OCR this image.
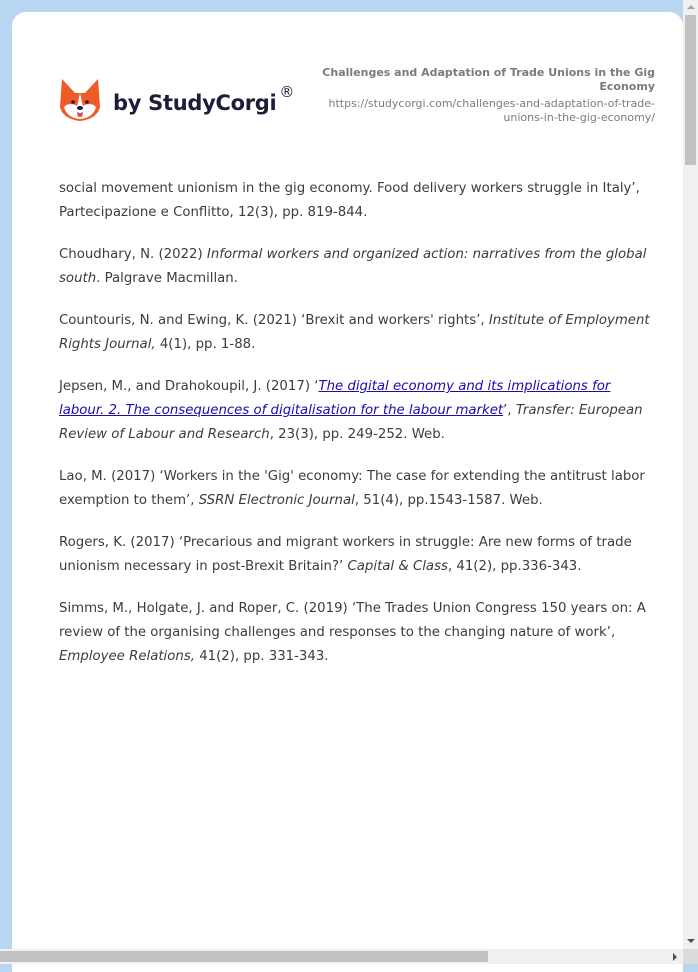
by StudyCorgi ®
Challenges and Adaptation of Trade Unions in the Gig Economy
https://studycorgi.com/challenges-and-adaptation-of-trade-unions-in-the-gig-economy/

social movement unionism in the gig economy. Food delivery workers struggle in Italy’, Partecipazione e Conflitto, 12(3), pp. 819-844.

Choudhary, N. (2022) Informal workers and organized action: narratives from the global south. Palgrave Macmillan.

Countouris, N. and Ewing, K. (2021) ‘Brexit and workers' rights’, Institute of Employment Rights Journal, 4(1), pp. 1-88.

Jepsen, M., and Drahokoupil, J. (2017) ‘The digital economy and its implications for labour. 2. The consequences of digitalisation for the labour market’, Transfer: European Review of Labour and Research, 23(3), pp. 249-252. Web.

Lao, M. (2017) ‘Workers in the 'Gig' economy: The case for extending the antitrust labor exemption to them’, SSRN Electronic Journal, 51(4), pp.1543-1587. Web.

Rogers, K. (2017) ‘Precarious and migrant workers in struggle: Are new forms of trade unionism necessary in post-Brexit Britain?’ Capital & Class, 41(2), pp.336-343.

Simms, M., Holgate, J. and Roper, C. (2019) ‘The Trades Union Congress 150 years on: A review of the organising challenges and responses to the changing nature of work’, Employee Relations, 41(2), pp. 331-343.
